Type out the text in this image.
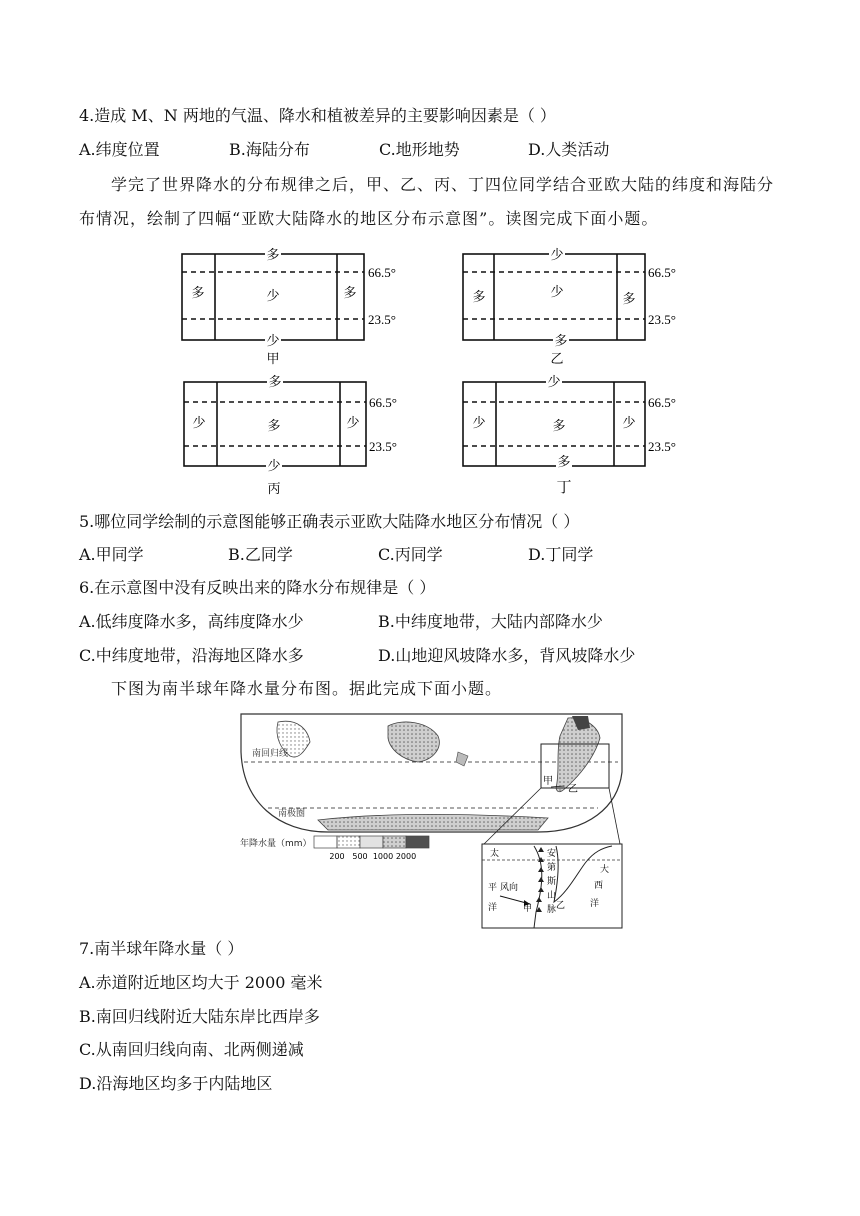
4.造成 M、N 两地的气温、降水和植被差异的主要影响因素是（ ）
A.纬度位置	B.海陆分布	C.地形地势	D.人类活动
学完了世界降水的分布规律之后，甲、乙、丙、丁四位同学结合亚欧大陆的纬度和海陆分布情况，绘制了四幅“亚欧大陆降水的地区分布示意图”。读图完成下面小题。
多
少
多	多
少
66.5°
23.5°
甲
少
少
多	多
多
66.5°
23.5°
乙
多
多
少	少
少
66.5°
23.5°
丙
少
多
少	少
多
66.5°
23.5°
丁
5.哪位同学绘制的示意图能够正确表示亚欧大陆降水地区分布情况（ ）
A.甲同学	B.乙同学	C.丙同学	D.丁同学
6.在示意图中没有反映出来的降水分布规律是（ ）
A.低纬度降水多，高纬度降水少	B.中纬度地带，大陆内部降水少
C.中纬度地带，沿海地区降水多	D.山地迎风坡降水多，背风坡降水少
下图为南半球年降水量分布图。据此完成下面小题。
南回归线
南极圈
甲
乙
年降水量（mm）
200 500 1000 2000	太
平
洋
风向
甲
安
第
斯
山
脉 乙
大
西
洋
7.南半球年降水量（ ）
A.赤道附近地区均大于 2000 毫米
B.南回归线附近大陆东岸比西岸多
C.从南回归线向南、北两侧递减
D.沿海地区均多于内陆地区
